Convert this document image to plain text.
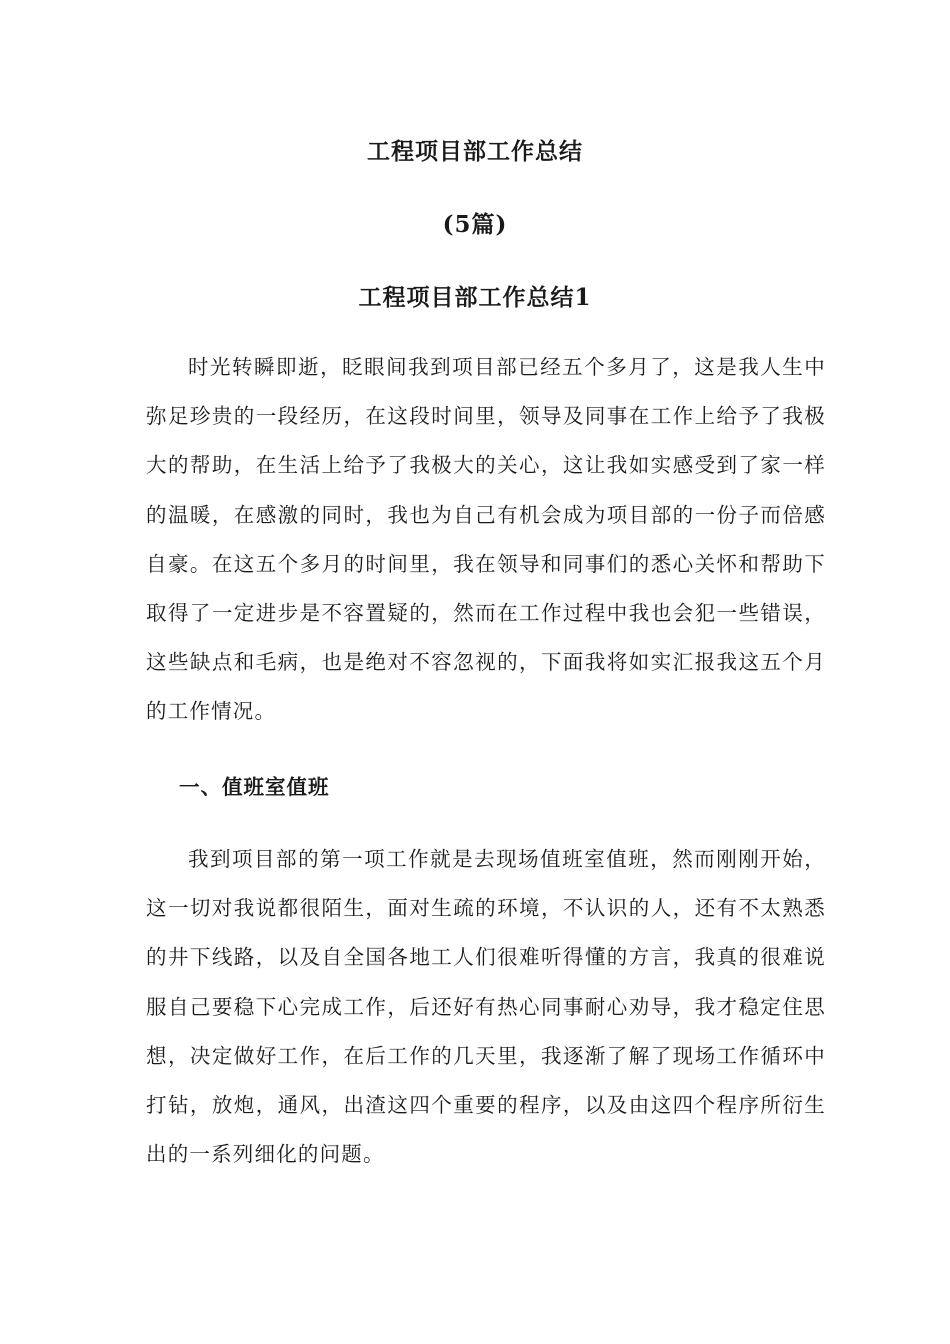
工程项目部工作总结
(5篇)
工程项目部工作总结1

时光转瞬即逝，眨眼间我到项目部已经五个多月了，这是我人生中弥足珍贵的一段经历，在这段时间里，领导及同事在工作上给予了我极大的帮助，在生活上给予了我极大的关心，这让我如实感受到了家一样的温暖，在感激的同时，我也为自己有机会成为项目部的一份子而倍感自豪。在这五个多月的时间里，我在领导和同事们的悉心关怀和帮助下取得了一定进步是不容置疑的，然而在工作过程中我也会犯一些错误，这些缺点和毛病，也是绝对不容忽视的，下面我将如实汇报我这五个月的工作情况。

一、值班室值班

我到项目部的第一项工作就是去现场值班室值班，然而刚刚开始，这一切对我说都很陌生，面对生疏的环境，不认识的人，还有不太熟悉的井下线路，以及自全国各地工人们很难听得懂的方言，我真的很难说服自己要稳下心完成工作，后还好有热心同事耐心劝导，我才稳定住思想，决定做好工作，在后工作的几天里，我逐渐了解了现场工作循环中打钻，放炮，通风，出渣这四个重要的程序，以及由这四个程序所衍生出的一系列细化的问题。
